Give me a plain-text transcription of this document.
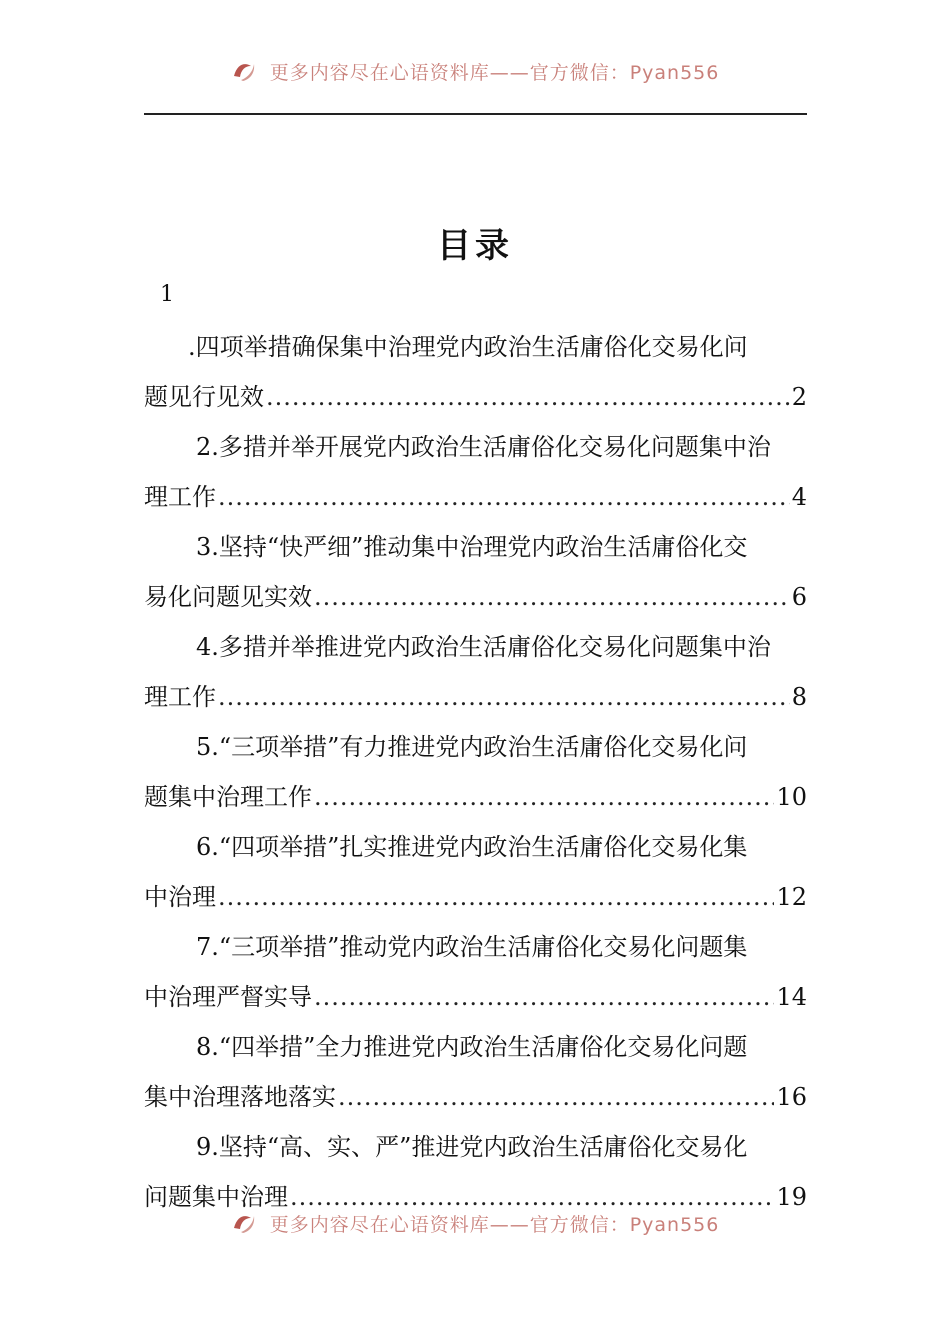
更多内容尽在心语资料库——官方微信：Pyan556
目录
1
.四项举措确保集中治理党内政治生活庸俗化交易化问
题见行见效 .....	2
2.多措并举开展党内政治生活庸俗化交易化问题集中治
理工作 .....	4
3.坚持“快严细”推动集中治理党内政治生活庸俗化交
易化问题见实效 .....	6
4.多措并举推进党内政治生活庸俗化交易化问题集中治
理工作 .....	8
5.“三项举措”有力推进党内政治生活庸俗化交易化问
题集中治理工作 .....	10
6.“四项举措”扎实推进党内政治生活庸俗化交易化集
中治理 .....	12
7.“三项举措”推动党内政治生活庸俗化交易化问题集
中治理严督实导 .....	14
8.“四举措”全力推进党内政治生活庸俗化交易化问题
集中治理落地落实 .....	16
9.坚持“高、实、严”推进党内政治生活庸俗化交易化
问题集中治理 .....	19
更多内容尽在心语资料库——官方微信：Pyan556
